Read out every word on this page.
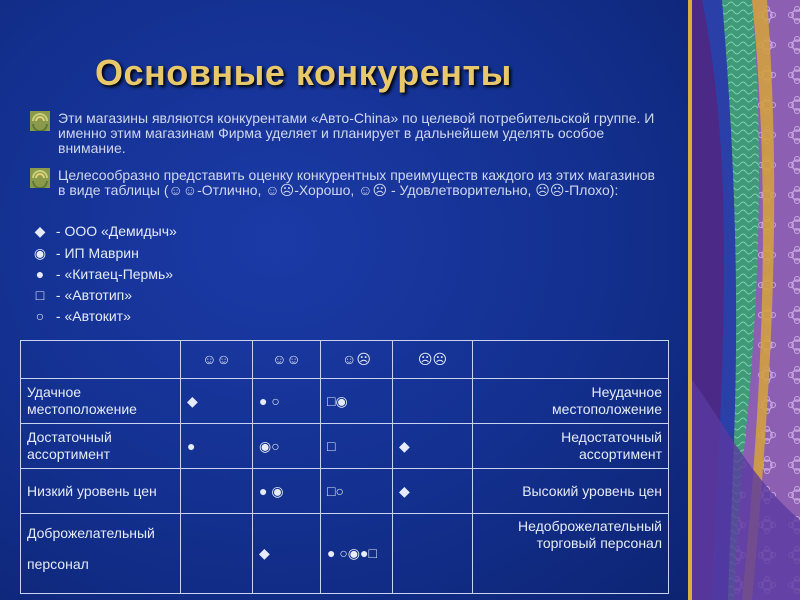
Основные конкуренты
Эти магазины являются конкурентами «Авто-China» по целевой потребительской группе. И именно этим магазинам Фирма уделяет и планирует в дальнейшем уделять особое внимание.
Целесообразно представить оценку конкурентных преимуществ каждого из этих магазинов в виде таблицы (☺☺-Отлично, ☺☹-Хорошо, ☺☹ - Удовлетворительно, ☹☹-Плохо):
◆ - ООО «Демидыч»
◉ - ИП Маврин
● - «Китаец-Пермь»
□ - «Автотип»
○ - «Автокит»
	☺☺	☺☺	☺☹	☹☹	
Удачное местоположение	◆	● ○	□◉		Неудачное местоположение
Достаточный ассортимент	●	◉○	□	◆	Недостаточный ассортимент
Низкий уровень цен		● ◉	□○	◆	Высокий уровень цен
Доброжелательный персонал		◆	● ○◉●□		Недоброжелательный торговый персонал
